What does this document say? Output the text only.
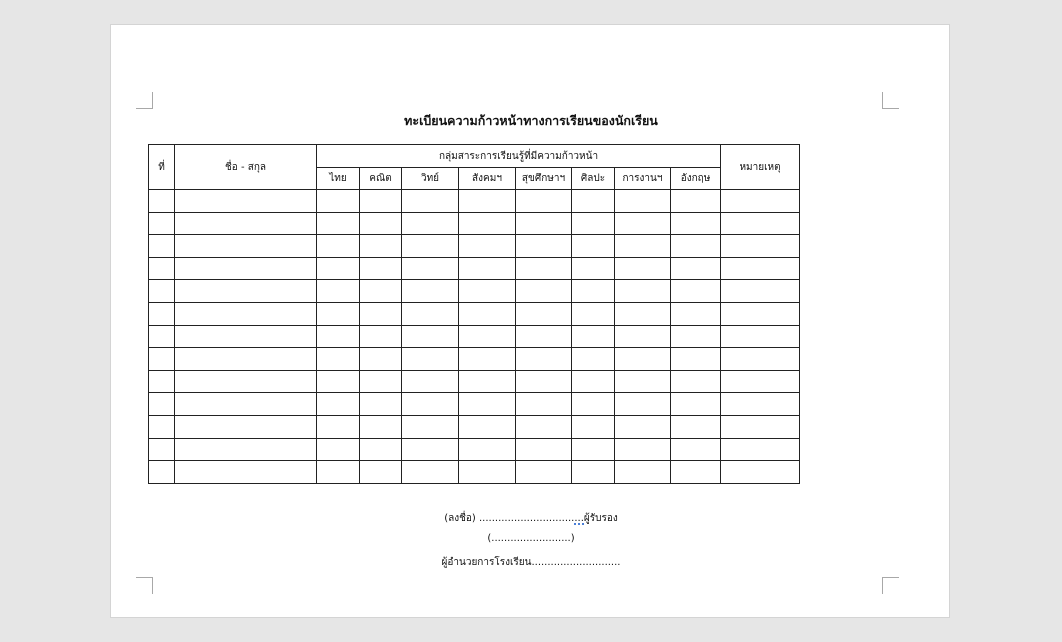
ทะเบียนความก้าวหน้าทางการเรียนของนักเรียน
ที่	ชื่อ - สกุล	กลุ่มสาระการเรียนรู้ที่มีความก้าวหน้า								หมายเหตุ
		ไทย	คณิต	วิทย์	สังคมฯ	สุขศึกษาฯ	ศิลปะ	การงานฯ	อังกฤษ	

(ลงชื่อ) .................................ผู้รับรอง
(.........................)
ผู้อำนวยการโรงเรียน............................
